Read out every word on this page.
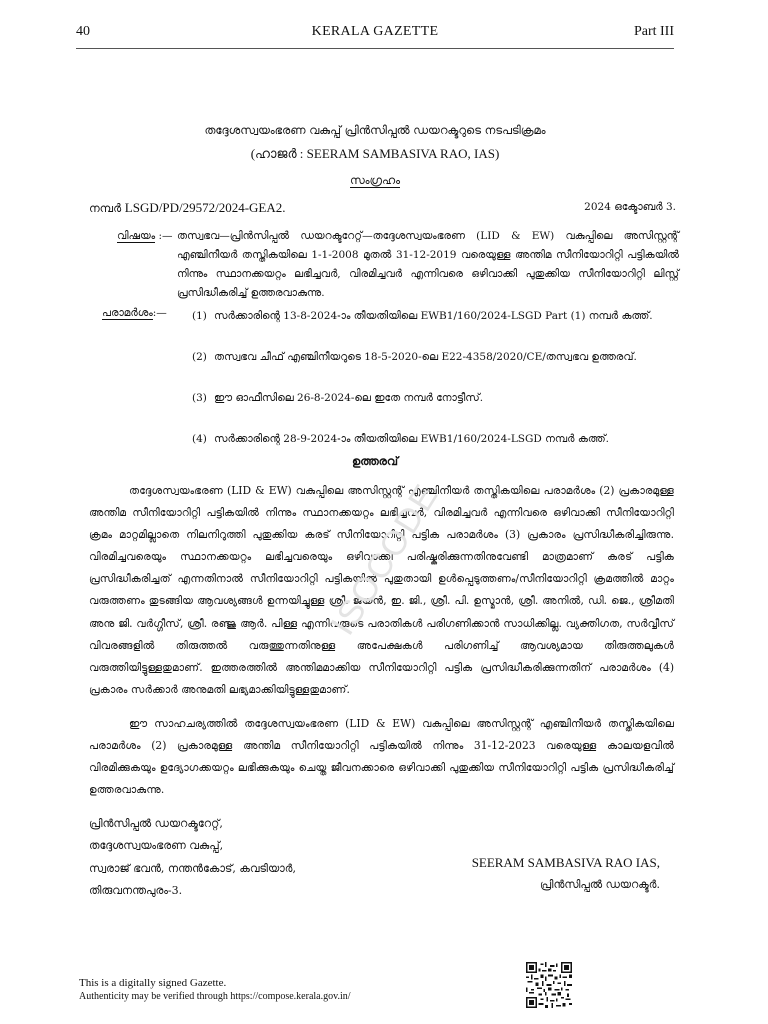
40	KERALA GAZETTE	Part III
തദ്ദേശസ്വയംഭരണ വകുപ്പ് പ്രിൻസിപ്പൽ ഡയറക്ടറുടെ നടപടിക്രമം
(ഹാജർ : SEERAM SAMBASIVA RAO, IAS)
സംഗ്രഹം
നമ്പർ LSGD/PD/29572/2024-GEA2.	2024 ഒക്ടോബർ 3.
വിഷയം :— തസ്വഭവ—പ്രിൻസിപ്പൽ ഡയറക്ടറേറ്റ്—തദ്ദേശസ്വയംഭരണ (LID & EW) വകുപ്പിലെ അസിസ്റ്റന്റ് എഞ്ചിനീയർ തസ്തികയിലെ 1-1-2008 മുതൽ 31-12-2019 വരെയുള്ള അന്തിമ സീനിയോറിറ്റി പട്ടികയിൽ നിന്നും സ്ഥാനക്കയറ്റം ലഭിച്ചവർ, വിരമിച്ചവർ എന്നിവരെ ഒഴിവാക്കി പുതുക്കിയ സീനിയോറിറ്റി ലിസ്റ്റ് പ്രസിദ്ധീകരിച്ച് ഉത്തരവാകുന്നു.
പരാമർശം:— (1) സർക്കാരിന്റെ 13-8-2024-ാം തീയതിയിലെ EWB1/160/2024-LSGD Part (1) നമ്പർ കത്ത്.
(2) തസ്വഭവ ചീഫ് എഞ്ചിനീയറുടെ 18-5-2020-ലെ E22-4358/2020/CE/തസ്വഭവ ഉത്തരവ്.
(3) ഈ ഓഫീസിലെ 26-8-2024-ലെ ഇതേ നമ്പർ നോട്ടീസ്.
(4) സർക്കാരിന്റെ 28-9-2024-ാം തീയതിയിലെ EWB1/160/2024-LSGD നമ്പർ കത്ത്.
ഉത്തരവ്
തദ്ദേശസ്വയംഭരണ (LID & EW) വകുപ്പിലെ അസിസ്റ്റന്റ് എഞ്ചിനീയർ തസ്തികയിലെ പരാമർശം (2) പ്രകാരമുള്ള അന്തിമ സീനിയോറിറ്റി പട്ടികയിൽ നിന്നും സ്ഥാനക്കയറ്റം ലഭിച്ചവർ, വിരമിച്ചവർ എന്നിവരെ ഒഴിവാക്കി സീനിയോറിറ്റി ക്രമം മാറ്റമില്ലാതെ നിലനിറുത്തി പുതുക്കിയ കരട് സീനിയോറിറ്റി പട്ടിക പരാമർശം (3) പ്രകാരം പ്രസിദ്ധീകരിച്ചിരുന്നു. വിരമിച്ചവരെയും സ്ഥാനക്കയറ്റം ലഭിച്ചവരെയും ഒഴിവാക്കി പരിഷ്കരിക്കുന്നതിനുവേണ്ടി മാത്രമാണ് കരട് പട്ടിക പ്രസിദ്ധീകരിച്ചത് എന്നതിനാൽ സീനിയോറിറ്റി പട്ടികയിൽ പുതുതായി ഉൾപ്പെടുത്തണം/സീനിയോറിറ്റി ക്രമത്തിൽ മാറ്റം വരുത്തണം തുടങ്ങിയ ആവശ്യങ്ങൾ ഉന്നയിച്ചുള്ള ശ്രീ. ജയൻ, ഇ. ജി., ശ്രീ. പി. ഉസ്മാൻ, ശ്രീ. അനിൽ, ഡി. ജെ., ശ്രീമതി അനു ജി. വർഗ്ഗീസ്, ശ്രീ. രഞ്ജു ആർ. പിള്ള എന്നിവരുടെ പരാതികൾ പരിഗണിക്കാൻ സാധിക്കില്ല. വ്യക്തിഗത, സർവ്വീസ് വിവരങ്ങളിൽ തിരുത്തൽ വരുത്തുന്നതിനുള്ള അപേക്ഷകൾ പരിഗണിച്ച് ആവശ്യമായ തിരുത്തലുകൾ വരുത്തിയിട്ടുള്ളതുമാണ്. ഇത്തരത്തിൽ അന്തിമമാക്കിയ സീനിയോറിറ്റി പട്ടിക പ്രസിദ്ധീകരിക്കുന്നതിന് പരാമർശം (4) പ്രകാരം സർക്കാർ അനുമതി ലഭ്യമാക്കിയിട്ടുള്ളതുമാണ്.
ഈ സാഹചര്യത്തിൽ തദ്ദേശസ്വയംഭരണ (LID & EW) വകുപ്പിലെ അസിസ്റ്റന്റ് എഞ്ചിനീയർ തസ്തികയിലെ പരാമർശം (2) പ്രകാരമുള്ള അന്തിമ സീനിയോറിറ്റി പട്ടികയിൽ നിന്നും 31-12-2023 വരെയുള്ള കാലയളവിൽ വിരമിക്കുകയും ഉദ്യോഗക്കയറ്റം ലഭിക്കുകയും ചെയ്ത ജീവനക്കാരെ ഒഴിവാക്കി പുതുക്കിയ സീനിയോറിറ്റി പട്ടിക പ്രസിദ്ധീകരിച്ച് ഉത്തരവാകുന്നു.
ISOCODE
പ്രിൻസിപ്പൽ ഡയറക്ടറേറ്റ്,
തദ്ദേശസ്വയംഭരണ വകുപ്പ്,
സ്വരാജ് ഭവൻ, നന്തൻകോട്, കവടിയാർ,
തിരുവനന്തപുരം-3.
SEERAM SAMBASIVA RAO IAS,
പ്രിൻസിപ്പൽ ഡയറക്ടർ.
This is a digitally signed Gazette.
Authenticity may be verified through https://compose.kerala.gov.in/
